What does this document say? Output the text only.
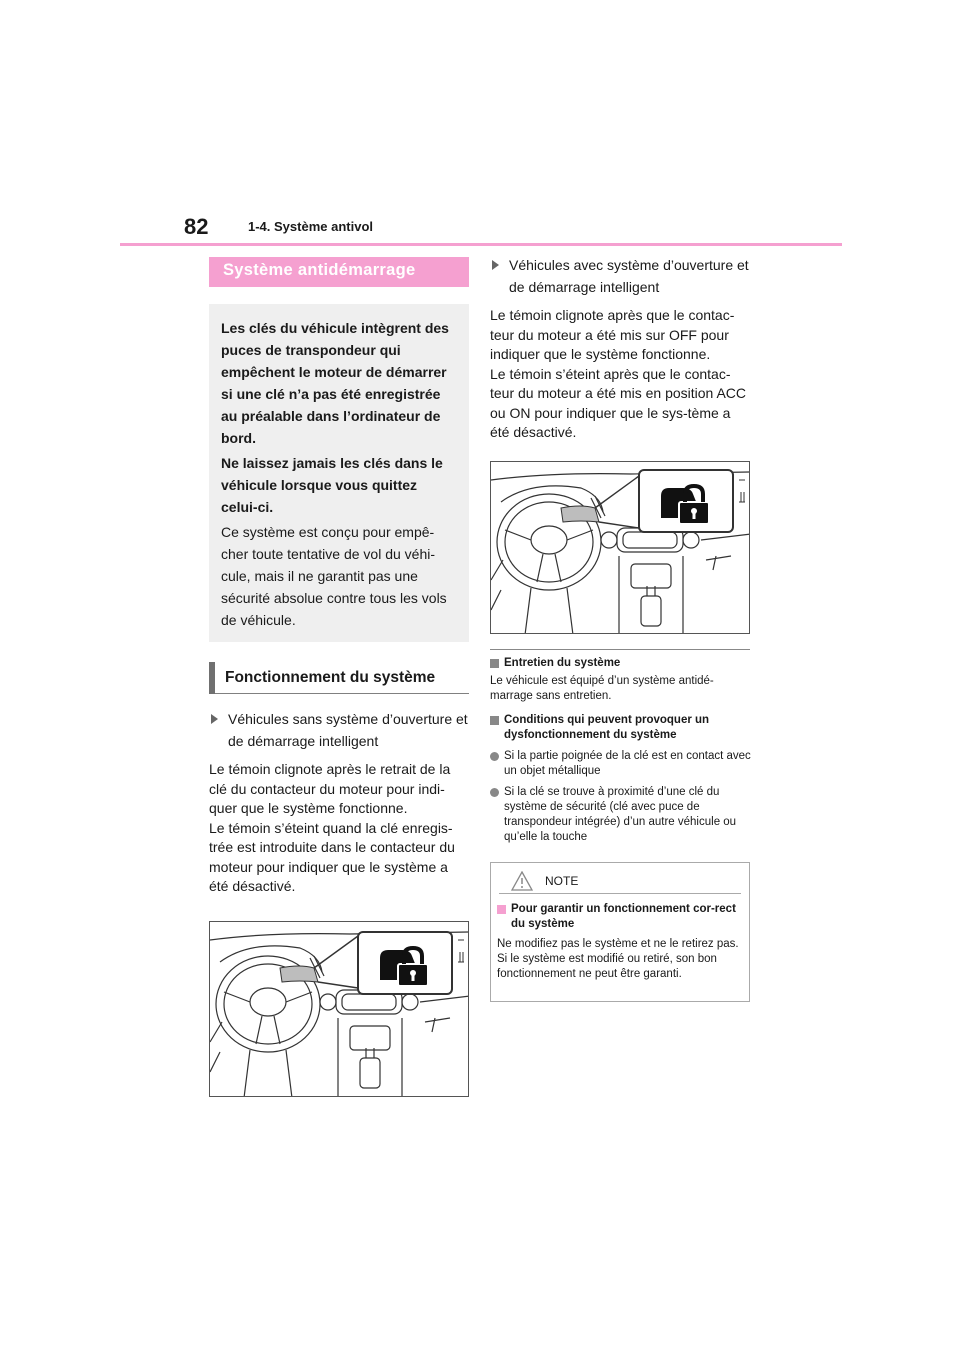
82	1-4. Système antivol
Système antidémarrage

Les clés du véhicule intègrent des puces de transpondeur qui empêchent le moteur de démarrer si une clé n’a pas été enregistrée au préalable dans l’ordinateur de bord.

Ne laissez jamais les clés dans le véhicule lorsque vous quittez celui-ci.

Ce système est conçu pour empê-cher toute tentative de vol du véhi-cule, mais il ne garantit pas une sécurité absolue contre tous les vols de véhicule.

Fonctionnement du système
Véhicules sans système d’ouverture et de démarrage intelligent

Le témoin clignote après le retrait de la clé du contacteur du moteur pour indi-quer que le système fonctionne.

Le témoin s’éteint quand la clé enregis-trée est introduite dans le contacteur du moteur pour indiquer que le système a été désactivé.

Véhicules avec système d’ouverture et de démarrage intelligent

Le témoin clignote après que le contac-teur du moteur a été mis sur OFF pour indiquer que le système fonctionne.

Le témoin s’éteint après que le contac-teur du moteur a été mis en position ACC ou ON pour indiquer que le sys-tème a été désactivé.

Entretien du système

Le véhicule est équipé d’un système antidé-marrage sans entretien.

Conditions qui peuvent provoquer un dysfonctionnement du système
Si la partie poignée de la clé est en contact avec un objet métallique
Si la clé se trouve à proximité d’une clé du système de sécurité (clé avec puce de transpondeur intégrée) d’un autre véhicule ou qu’elle la touche
NOTE
Pour garantir un fonctionnement cor-rect du système

Ne modifiez pas le système et ne le retirez pas. Si le système est modifié ou retiré, son bon fonctionnement ne peut être garanti.
